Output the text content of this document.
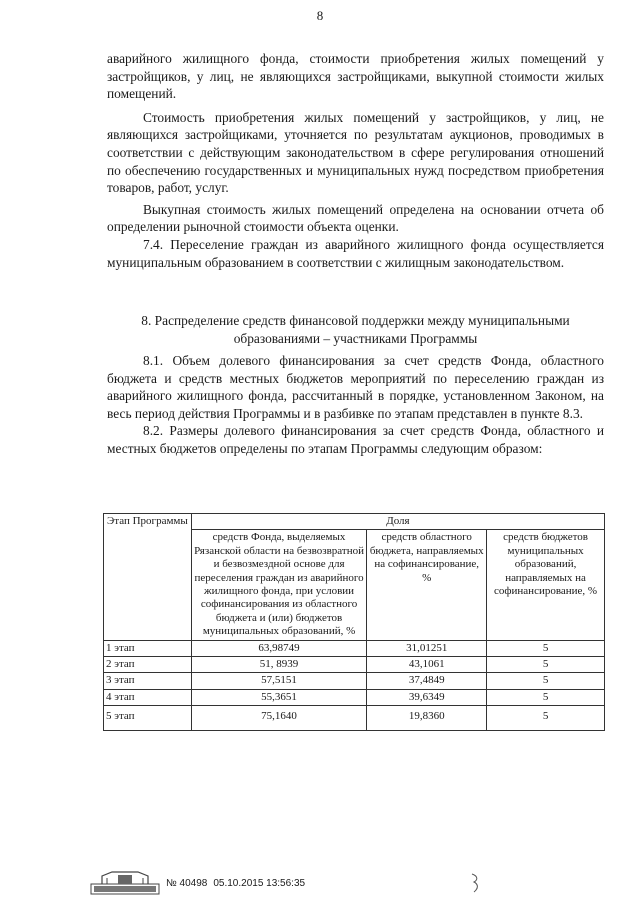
8

аварийного жилищного фонда, стоимости приобретения жилых помещений у застройщиков, у лиц, не являющихся застройщиками, выкупной стоимости жилых помещений.

Стоимость приобретения жилых помещений у застройщиков, у лиц, не являющихся застройщиками, уточняется по результатам аукционов, проводимых в соответствии с действующим законодательством в сфере регулирования отношений по обеспечению государственных и муниципальных нужд посредством приобретения товаров, работ, услуг.

Выкупная стоимость жилых помещений определена на основании отчета об определении рыночной стоимости объекта оценки.

7.4. Переселение граждан из аварийного жилищного фонда осуществляется муниципальным образованием в соответствии с жилищным законодательством.

8. Распределение средств финансовой поддержки между муниципальными образованиями – участниками Программы

8.1. Объем долевого финансирования за счет средств Фонда, областного бюджета и средств местных бюджетов мероприятий по переселению граждан из аварийного жилищного фонда, рассчитанный в порядке, установленном Законом, на весь период действия Программы и в разбивке по этапам представлен в пункте 8.3.

8.2. Размеры долевого финансирования за счет средств Фонда, областного и местных бюджетов определены по этапам Программы следующим образом:

Этап Программы	Доля		
	средств Фонда, выделяемых Рязанской области на безвозвратной и безвозмездной основе для переселения граждан из аварийного жилищного фонда, при условии софинансирования из областного бюджета и (или) бюджетов муниципальных образований, %	средств областного бюджета, направляемых на софинансирование, %	средств бюджетов муниципальных образований, направляемых на софинансирование, %
1 этап	63,98749	31,01251	5
2 этап	51, 8939	43,1061	5
3 этап	57,5151	37,4849	5
4 этап	55,3651	39,6349	5
5 этап	75,1640	19,8360	5
№ 40498 05.10.2015 13:56:35
